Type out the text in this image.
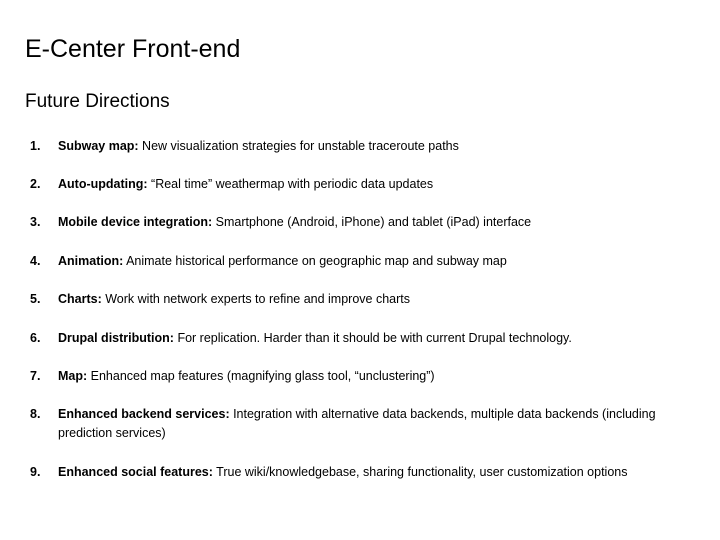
E-Center Front-end
Future Directions
1.	Subway map: New visualization strategies for unstable traceroute paths
2.	Auto-updating: “Real time” weathermap with periodic data updates
3.	Mobile device integration: Smartphone (Android, iPhone) and tablet (iPad) interface
4.	Animation: Animate historical performance on geographic map and subway map
5.	Charts: Work with network experts to refine and improve charts
6.	Drupal distribution: For replication. Harder than it should be with current Drupal technology.
7.	Map: Enhanced map features (magnifying glass tool, “unclustering”)
8.	Enhanced backend services: Integration with alternative data backends, multiple data backends (including prediction services)
9.	Enhanced social features: True wiki/knowledgebase, sharing functionality, user customization options
